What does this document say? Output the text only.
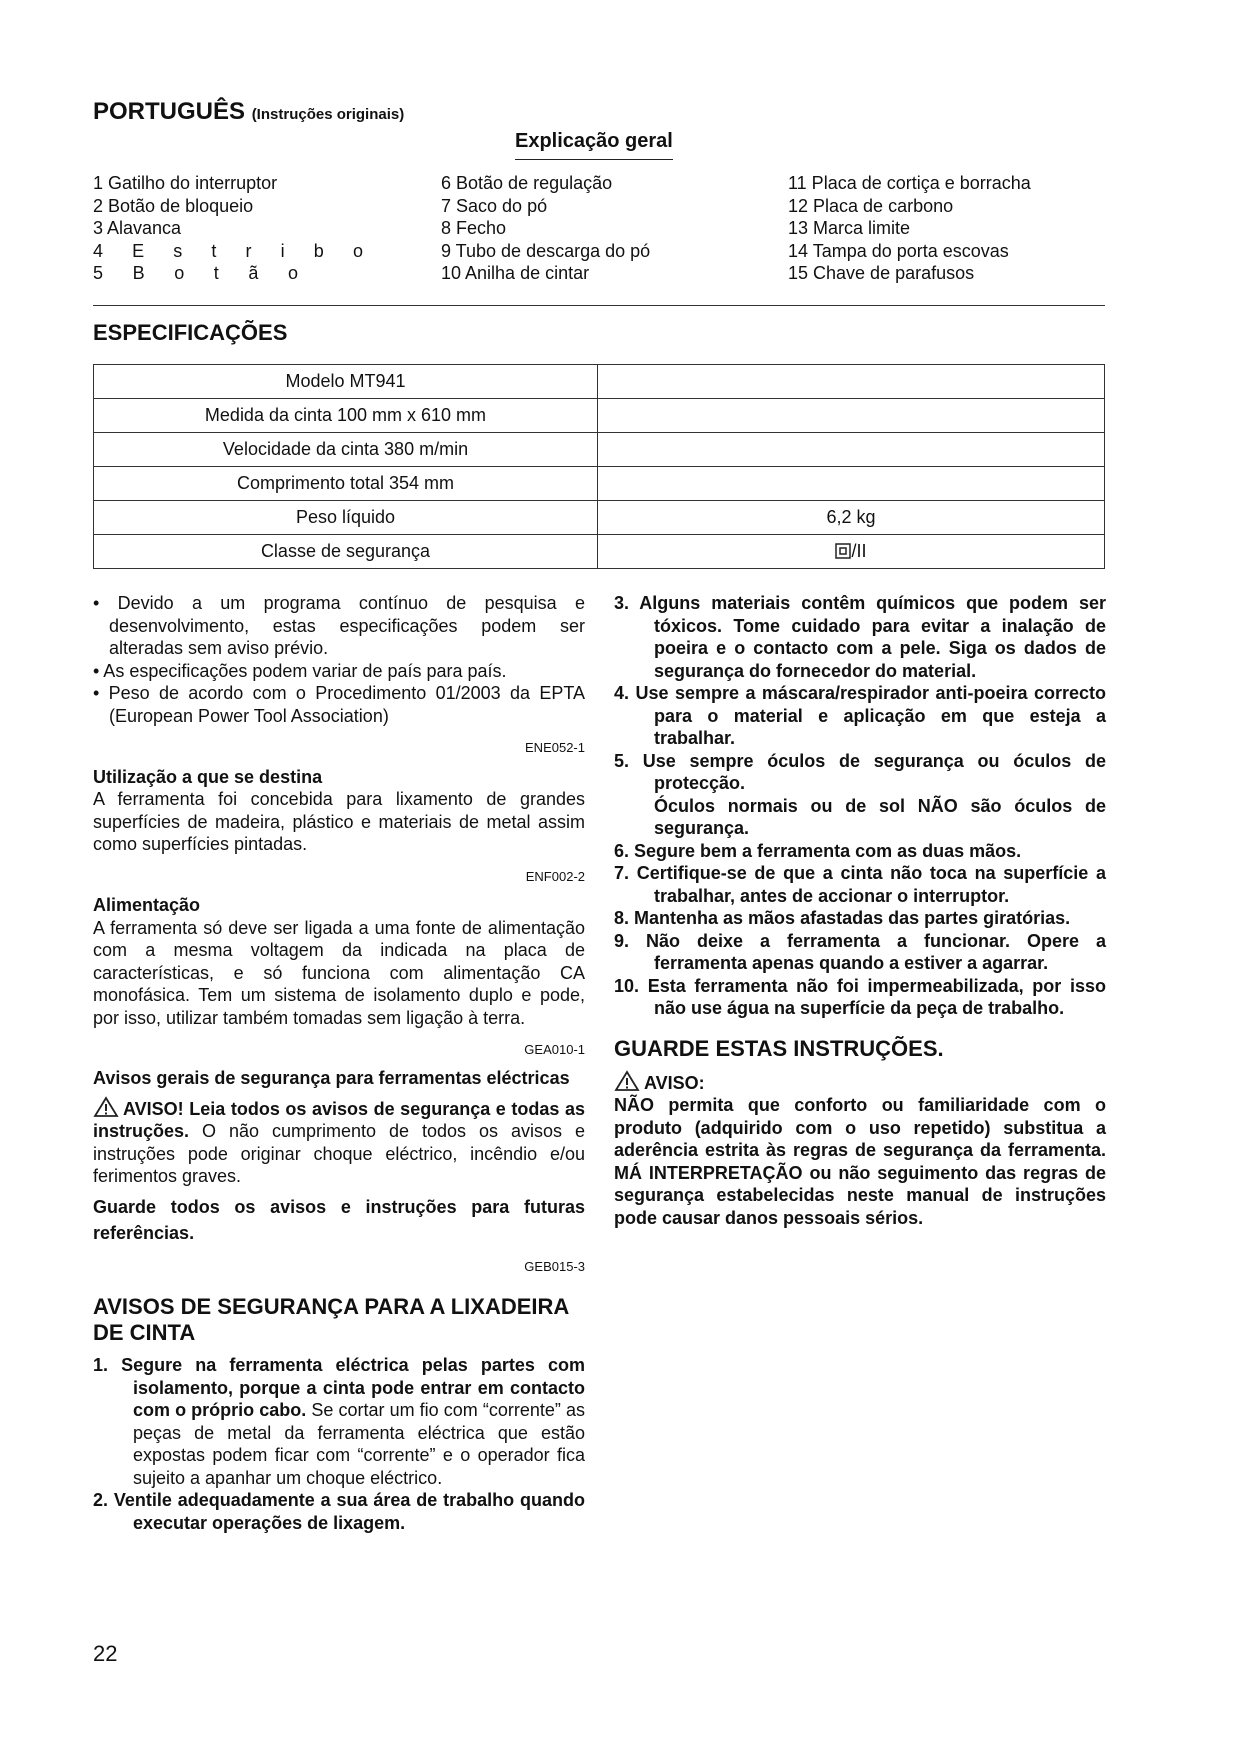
PORTUGUÊS (Instruções originais)
Explicação geral
1 Gatilho do interruptor
2 Botão de bloqueio
3 Alavanca
4 E s t r i b o
5 B o t ã o
6 Botão de regulação
7 Saco do pó
8 Fecho
9 Tubo de descarga do pó
10 Anilha de cintar
11 Placa de cortiça e borracha
12 Placa de carbono
13 Marca limite
14 Tampa do porta escovas
15 Chave de parafusos
ESPECIFICAÇÕES
Modelo MT941	
Medida da cinta 100 mm x 610 mm	
Velocidade da cinta 380 m/min	
Comprimento total 354 mm	
Peso líquido	6,2 kg
Classe de segurança	/II

• Devido a um programa contínuo de pesquisa e desenvolvimento, estas especificações podem ser alteradas sem aviso prévio.

• As especificações podem variar de país para país.

• Peso de acordo com o Procedimento 01/2003 da EPTA (European Power Tool Association)

ENE052-1

Utilização a que se destina

A ferramenta foi concebida para lixamento de grandes superfícies de madeira, plástico e materiais de metal assim como superfícies pintadas.

ENF002-2

Alimentação

A ferramenta só deve ser ligada a uma fonte de alimentação com a mesma voltagem da indicada na placa de características, e só funciona com alimentação CA monofásica. Tem um sistema de isolamento duplo e pode, por isso, utilizar também tomadas sem ligação à terra.

GEA010-1

Avisos gerais de segurança para ferramentas eléctricas

AVISO! Leia todos os avisos de segurança e todas as instruções. O não cumprimento de todos os avisos e instruções pode originar choque eléctrico, incêndio e/ou ferimentos graves.

Guarde todos os avisos e instruções para futuras referências.

GEB015-3

AVISOS DE SEGURANÇA PARA A LIXADEIRA DE CINTA

1. Segure na ferramenta eléctrica pelas partes com isolamento, porque a cinta pode entrar em contacto com o próprio cabo. Se cortar um fio com “corrente” as peças de metal da ferramenta eléctrica que estão expostas podem ficar com “corrente” e o operador fica sujeito a apanhar um choque eléctrico.

2. Ventile adequadamente a sua área de trabalho quando executar operações de lixagem.

3. Alguns materiais contêm químicos que podem ser tóxicos. Tome cuidado para evitar a inalação de poeira e o contacto com a pele. Siga os dados de segurança do fornecedor do material.

4. Use sempre a máscara/respirador anti-poeira correcto para o material e aplicação em que esteja a trabalhar.

5. Use sempre óculos de segurança ou óculos de protecção.

Óculos normais ou de sol NÃO são óculos de segurança.

6. Segure bem a ferramenta com as duas mãos.

7. Certifique-se de que a cinta não toca na superfície a trabalhar, antes de accionar o interruptor.

8. Mantenha as mãos afastadas das partes giratórias.

9. Não deixe a ferramenta a funcionar. Opere a ferramenta apenas quando a estiver a agarrar.

10. Esta ferramenta não foi impermeabilizada, por isso não use água na superfície da peça de trabalho.

GUARDE ESTAS INSTRUÇÕES.

AVISO:

NÃO permita que conforto ou familiaridade com o produto (adquirido com o uso repetido) substitua a aderência estrita às regras de segurança da ferramenta. MÁ INTERPRETAÇÃO ou não seguimento das regras de segurança estabelecidas neste manual de instruções pode causar danos pessoais sérios.

22
